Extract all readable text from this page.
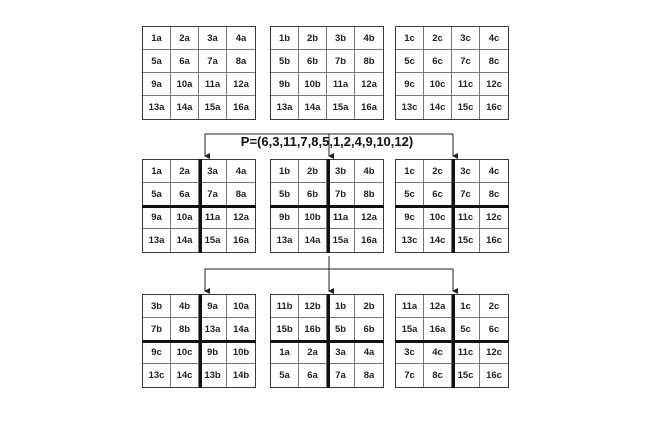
P=(6,3,11,7,8,5,1,2,4,9,10,12)
1a	2a	3a	4a
5a	6a	7a	8a
9a	10a	11a	12a
13a	14a	15a	16a
1b	2b	3b	4b
5b	6b	7b	8b
9b	10b	11a	12a
13a	14a	15a	16a
1c	2c	3c	4c
5c	6c	7c	8c
9c	10c	11c	12c
13c	14c	15c	16c
1a	2a	3a	4a
5a	6a	7a	8a
9a	10a	11a	12a
13a	14a	15a	16a
1b	2b	3b	4b
5b	6b	7b	8b
9b	10b	11a	12a
13a	14a	15a	16a
1c	2c	3c	4c
5c	6c	7c	8c
9c	10c	11c	12c
13c	14c	15c	16c
3b	4b	9a	10a
7b	8b	13a	14a
9c	10c	9b	10b
13c	14c	13b	14b
11b	12b	1b	2b
15b	16b	5b	6b
1a	2a	3a	4a
5a	6a	7a	8a
11a	12a	1c	2c
15a	16a	5c	6c
3c	4c	11c	12c
7c	8c	15c	16c
